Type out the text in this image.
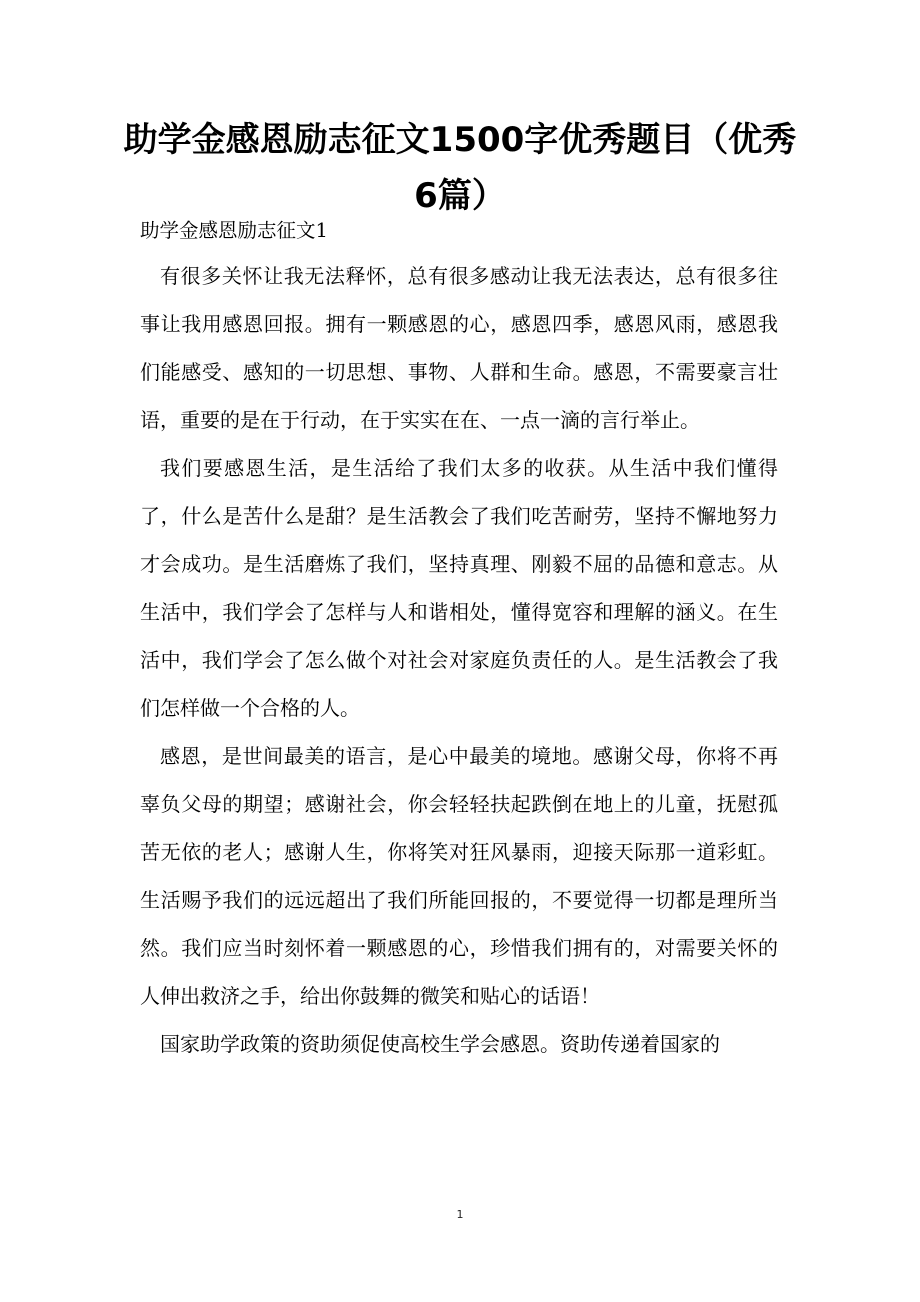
助学金感恩励志征文1500字优秀题目（优秀6篇）

助学金感恩励志征文1

有很多关怀让我无法释怀，总有很多感动让我无法表达，总有很多往事让我用感恩回报。拥有一颗感恩的心，感恩四季，感恩风雨，感恩我们能感受、感知的一切思想、事物、人群和生命。感恩，不需要豪言壮语，重要的是在于行动，在于实实在在、一点一滴的言行举止。

我们要感恩生活，是生活给了我们太多的收获。从生活中我们懂得了，什么是苦什么是甜？是生活教会了我们吃苦耐劳，坚持不懈地努力才会成功。是生活磨炼了我们，坚持真理、刚毅不屈的品德和意志。从生活中，我们学会了怎样与人和谐相处，懂得宽容和理解的涵义。在生活中，我们学会了怎么做个对社会对家庭负责任的人。是生活教会了我们怎样做一个合格的人。

感恩，是世间最美的语言，是心中最美的境地。感谢父母，你将不再辜负父母的期望；感谢社会，你会轻轻扶起跌倒在地上的儿童，抚慰孤苦无依的老人；感谢人生，你将笑对狂风暴雨，迎接天际那一道彩虹。生活赐予我们的远远超出了我们所能回报的，不要觉得一切都是理所当然。我们应当时刻怀着一颗感恩的心，珍惜我们拥有的，对需要关怀的人伸出救济之手，给出你鼓舞的微笑和贴心的话语！

国家助学政策的资助须促使高校生学会感恩。资助传递着国家的

1
